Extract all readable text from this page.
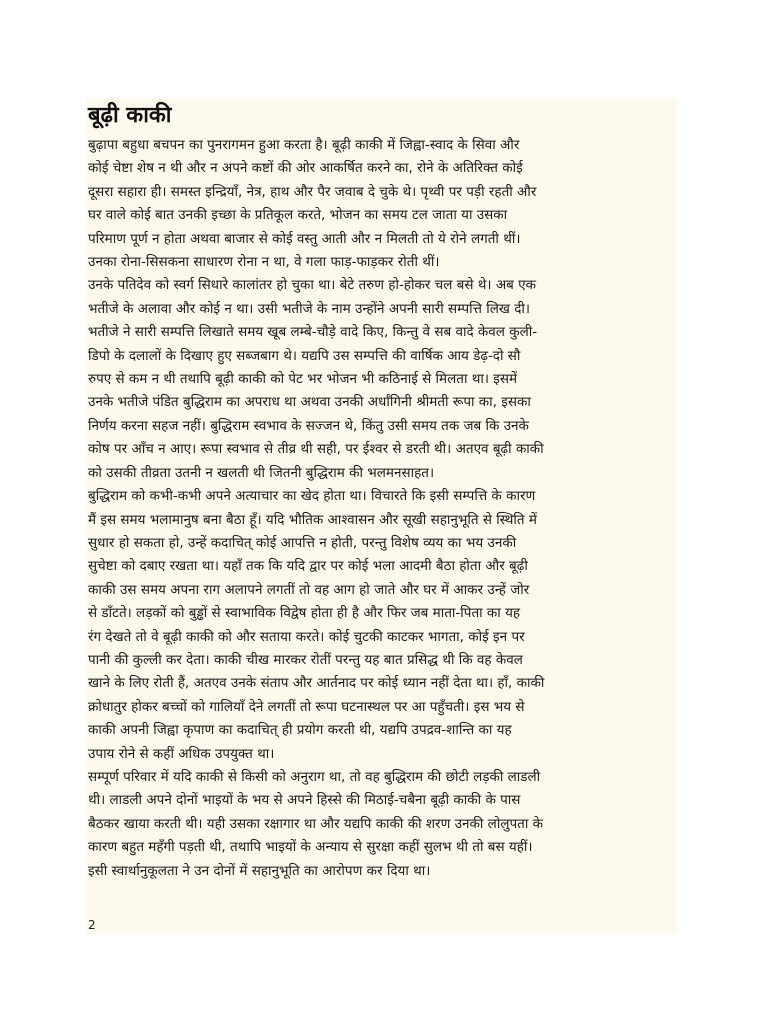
बूढ़ी काकी
बुढ़ापा बहुधा बचपन का पुनरागमन हुआ करता है। बूढ़ी काकी में जिह्वा-स्वाद के सिवा और
कोई चेष्टा शेष न थी और न अपने कष्टों की ओर आकर्षित करने का, रोने के अतिरिक्त कोई
दूसरा सहारा ही। समस्त इन्द्रियाँ, नेत्र, हाथ और पैर जवाब दे चुके थे। पृथ्वी पर पड़ी रहती और
घर वाले कोई बात उनकी इच्छा के प्रतिकूल करते, भोजन का समय टल जाता या उसका
परिमाण पूर्ण न होता अथवा बाजार से कोई वस्तु आती और न मिलती तो ये रोने लगती थीं।
उनका रोना-सिसकना साधारण रोना न था, वे गला फाड़-फाड़कर रोती थीं।
उनके पतिदेव को स्वर्ग सिधारे कालांतर हो चुका था। बेटे तरुण हो-होकर चल बसे थे। अब एक
भतीजे के अलावा और कोई न था। उसी भतीजे के नाम उन्होंने अपनी सारी सम्पत्ति लिख दी।
भतीजे ने सारी सम्पत्ति लिखाते समय खूब लम्बे-चौड़े वादे किए, किन्तु वे सब वादे केवल कुली-
डिपो के दलालों के दिखाए हुए सब्जबाग थे। यद्यपि उस सम्पत्ति की वार्षिक आय डेढ़-दो सौ
रुपए से कम न थी तथापि बूढ़ी काकी को पेट भर भोजन भी कठिनाई से मिलता था। इसमें
उनके भतीजे पंडित बुद्धिराम का अपराध था अथवा उनकी अर्धांगिनी श्रीमती रूपा का, इसका
निर्णय करना सहज नहीं। बुद्धिराम स्वभाव के सज्जन थे, किंतु उसी समय तक जब कि उनके
कोष पर आँच न आए। रूपा स्वभाव से तीव्र थी सही, पर ईश्वर से डरती थी। अतएव बूढ़ी काकी
को उसकी तीव्रता उतनी न खलती थी जितनी बुद्धिराम की भलमनसाहत।
बुद्धिराम को कभी-कभी अपने अत्याचार का खेद होता था। विचारते कि इसी सम्पत्ति के कारण
मैं इस समय भलामानुष बना बैठा हूँ। यदि भौतिक आश्वासन और सूखी सहानुभूति से स्थिति में
सुधार हो सकता हो, उन्हें कदाचित् कोई आपत्ति न होती, परन्तु विशेष व्यय का भय उनकी
सुचेष्टा को दबाए रखता था। यहाँ तक कि यदि द्वार पर कोई भला आदमी बैठा होता और बूढ़ी
काकी उस समय अपना राग अलापने लगतीं तो वह आग हो जाते और घर में आकर उन्हें जोर
से डाँटते। लड़कों को बुड्ढों से स्वाभाविक विद्वेष होता ही है और फिर जब माता-पिता का यह
रंग देखते तो वे बूढ़ी काकी को और सताया करते। कोई चुटकी काटकर भागता, कोई इन पर
पानी की कुल्ली कर देता। काकी चीख मारकर रोतीं परन्तु यह बात प्रसिद्ध थी कि वह केवल
खाने के लिए रोती हैं, अतएव उनके संताप और आर्तनाद पर कोई ध्यान नहीं देता था। हाँ, काकी
क्रोधातुर होकर बच्चों को गालियाँ देने लगतीं तो रूपा घटनास्थल पर आ पहुँचती। इस भय से
काकी अपनी जिह्वा कृपाण का कदाचित् ही प्रयोग करती थी, यद्यपि उपद्रव-शान्ति का यह
उपाय रोने से कहीं अधिक उपयुक्त था।
सम्पूर्ण परिवार में यदि काकी से किसी को अनुराग था, तो वह बुद्धिराम की छोटी लड़की लाडली
थी। लाडली अपने दोनों भाइयों के भय से अपने हिस्से की मिठाई-चबैना बूढ़ी काकी के पास
बैठकर खाया करती थी। यही उसका रक्षागार था और यद्यपि काकी की शरण उनकी लोलुपता के
कारण बहुत महँगी पड़ती थी, तथापि भाइयों के अन्याय से सुरक्षा कहीं सुलभ थी तो बस यहीं।
इसी स्वार्थानुकूलता ने उन दोनों में सहानुभूति का आरोपण कर दिया था।
2
